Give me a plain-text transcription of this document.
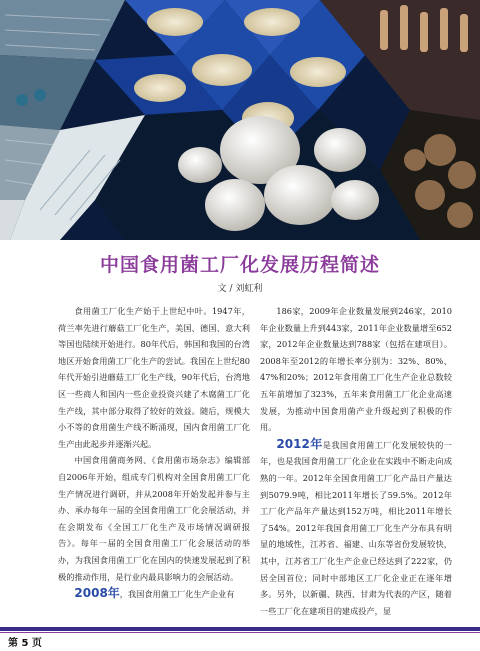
中国食用菌工厂化发展历程简述
文 / 刘虹利

食用菌工厂化生产始于上世纪中叶。1947年，荷兰率先进行蘑菇工厂化生产，美国、德国、意大利等国也陆续开始进行。80年代后，韩国和我国的台湾地区开始食用菌工厂化生产的尝试。我国在上世纪80年代开始引进蘑菇工厂化生产线，90年代后，台湾地区一些商人和国内一些企业投资兴建了木腐菌工厂化生产线，其中部分取得了较好的效益。随后，规模大小不等的食用菌生产线不断涌现，国内食用菌工厂化生产由此起步并逐渐兴起。

中国食用菌商务网、《食用菌市场杂志》编辑部自2006年开始，组成专门机构对全国食用菌工厂化生产情况进行调研，并从2008年开始发起并参与主办、承办每年一届的全国食用菌工厂化会展活动，并在会期发布《全国工厂化生产及市场情况调研报告》。每年一届的全国食用菌工厂化会展活动的举办，为我国食用菌工厂化在国内的快速发展起到了积极的推动作用，是行业内最具影响力的会展活动。

2008年，我国食用菌工厂化生产企业有

186家，2009年企业数量发展到246家，2010年企业数量上升到443家，2011年企业数量增至652家，2012年企业数量达到788家（包括在建项目）。2008年至2012的年增长率分别为：32%、80%、47%和20%；2012年食用菌工厂化生产企业总数较五年前增加了323%，五年来食用菌工厂化企业高速发展，为推动中国食用菌产业升级起到了积极的作用。

2012年是我国食用菌工厂化发展较快的一年，也是我国食用菌工厂化企业在实践中不断走向成熟的一年。2012年全国食用菌工厂化产品日产量达到5079.9吨，相比2011年增长了59.5%。2012年工厂化产品年产量达到152万吨，相比2011年增长了54%。2012年我国食用菌工厂化生产分布具有明显的地域性，江苏省、福建、山东等省份发展较快，其中，江苏省工厂化生产企业已经达到了222家，仍居全国首位；同时中部地区工厂化企业正在逐年增多。另外，以新疆、陕西、甘肃为代表的产区，随着一些工厂化在建项目的建成投产，显

第 5 页
